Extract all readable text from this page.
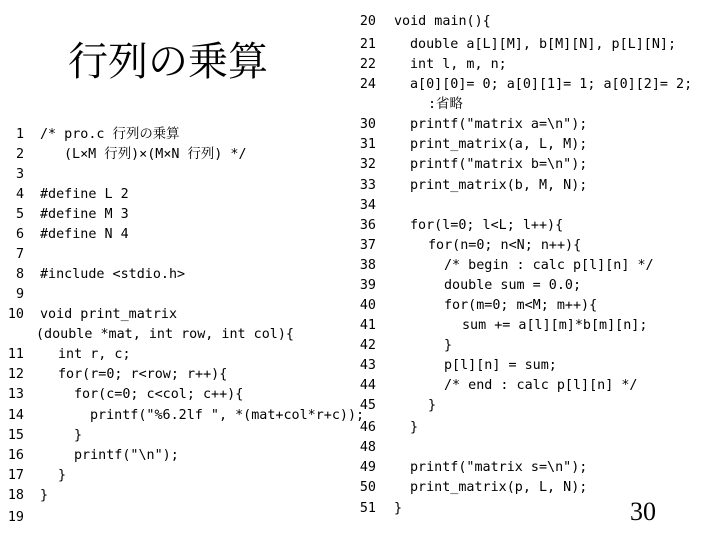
行列の乗算
1
2
3
4
5
6
7
8
9
10
11
12
13
14
15
16
17
18
19
/* pro.c 行列の乗算
(L×M 行列)×(M×N 行列) */
#define L 2
#define M 3
#define N 4
#include <stdio.h>
void print_matrix
(double *mat, int row, int col){
int r, c;
for(r=0; r<row; r++){
for(c=0; c<col; c++){
printf("%6.2lf ", *(mat+col*r+c));
}
printf("\n");
}
}
20
21
22
24
30
31
32
33
34
36
37
38
39
40
41
42
43
44
45
46
48
49
50
51
void main(){
double a[L][M], b[M][N], p[L][N];
int l, m, n;
a[0][0]= 0; a[0][1]= 1; a[0][2]= 2;
:省略
printf("matrix a=\n");
print_matrix(a, L, M);
printf("matrix b=\n");
print_matrix(b, M, N);
for(l=0; l<L; l++){
for(n=0; n<N; n++){
/* begin : calc p[l][n] */
double sum = 0.0;
for(m=0; m<M; m++){
sum += a[l][m]*b[m][n];
}
p[l][n] = sum;
/* end : calc p[l][n] */
}
}
printf("matrix s=\n");
print_matrix(p, L, N);
}	30
